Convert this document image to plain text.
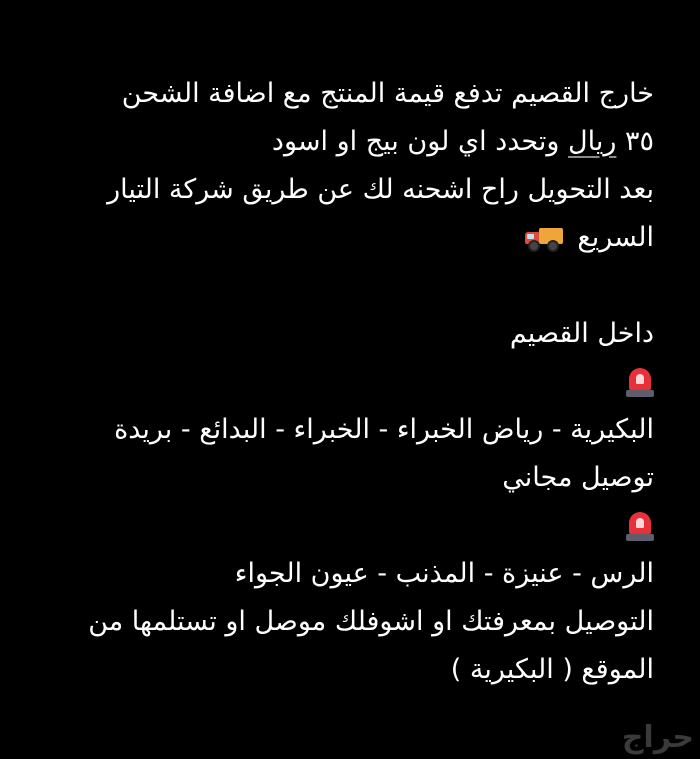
خارج القصيم تدفع قيمة المنتج مع اضافة الشحن
٣٥ ريال وتحدد اي لون بيج او اسود
بعد التحويل راح اشحنه لك عن طريق شركة التيار
السريع
داخل القصيم
البكيرية - رياض الخبراء - الخبراء - البدائع - بريدة
توصيل مجاني
الرس - عنيزة - المذنب - عيون الجواء
التوصيل بمعرفتك او اشوفلك موصل او تستلمها من
الموقع ( البكيرية )
حراج
